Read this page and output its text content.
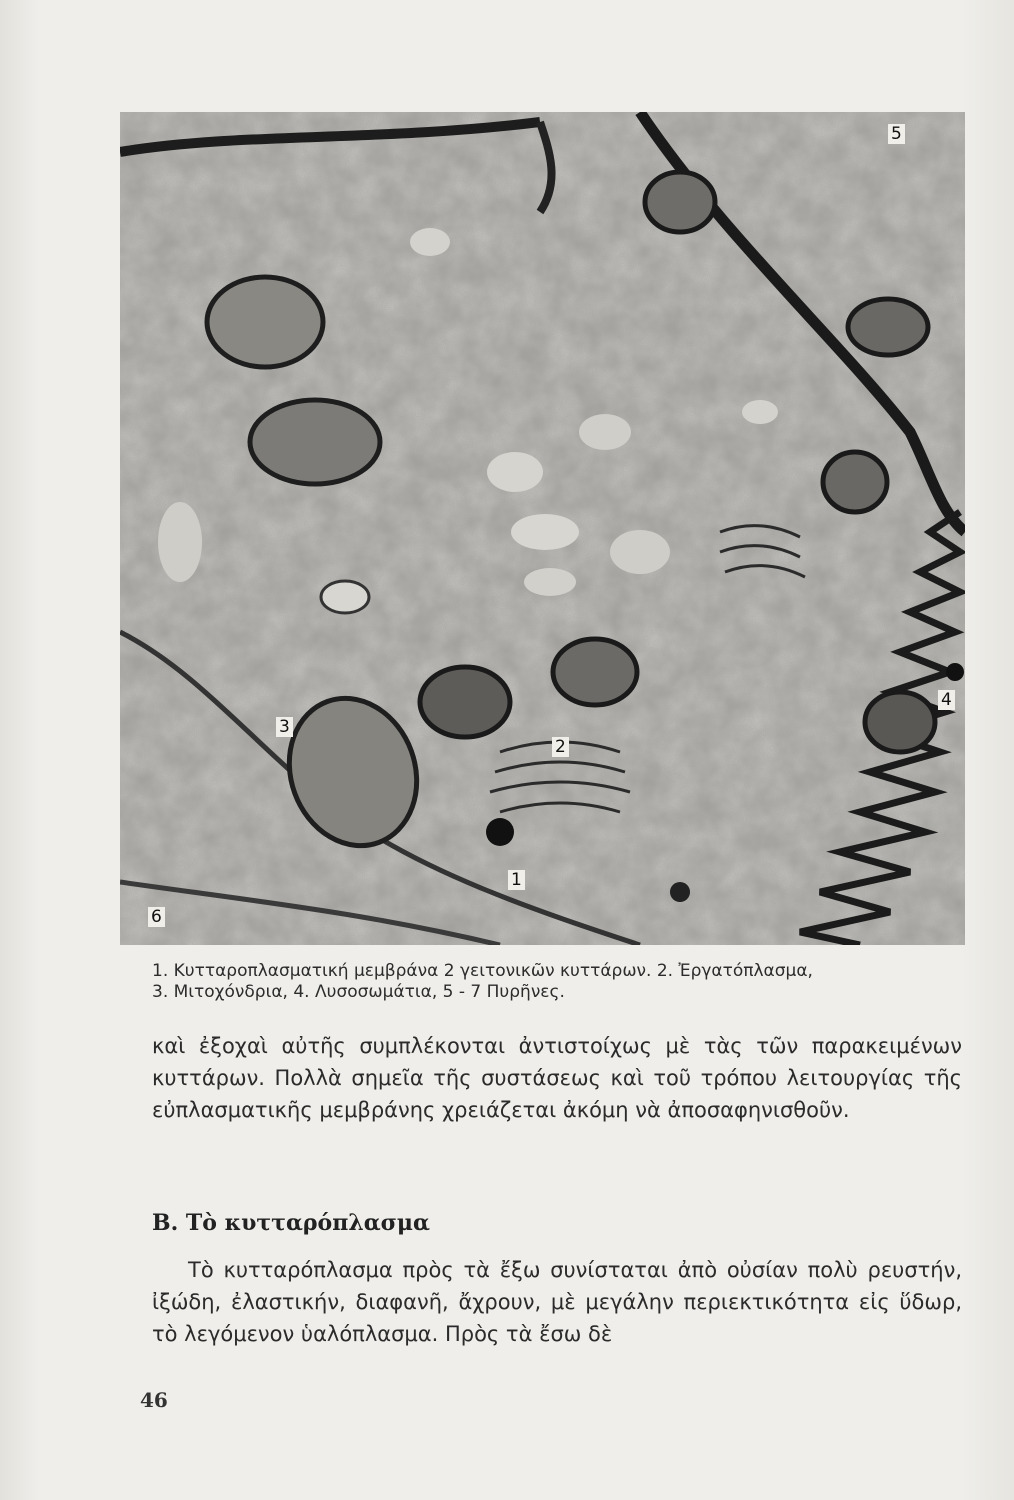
5
3
4
2
1
6

1. Κυτταροπλασματική μεμβράνα 2 γειτονικῶν κυττάρων. 2. Ἐργατόπλασμα,

3. Μιτοχόνδρια, 4. Λυσοσωμάτια, 5 - 7 Πυρῆνες.

καὶ ἐξοχαὶ αὐτῆς συμπλέκονται ἀντιστοίχως μὲ τὰς τῶν παρακειμένων κυττάρων. Πολλὰ σημεῖα τῆς συστάσεως καὶ τοῦ τρόπου λειτουργίας τῆς εὐπλασματικῆς μεμβράνης χρειάζεται ἀκόμη νὰ ἀποσαφηνισθοῦν.

Β. Τὸ κυτταρόπλασμα

Τὸ κυτταρόπλασμα πρὸς τὰ ἔξω συνίσταται ἀπὸ οὐσίαν πολὺ ρευστήν, ἰξώδη, ἐλαστικήν, διαφανῆ, ἄχρουν, μὲ μεγάλην περιεκτικότητα εἰς ὕδωρ, τὸ λεγόμενον ὑαλόπλασμα. Πρὸς τὰ ἔσω δὲ

46
